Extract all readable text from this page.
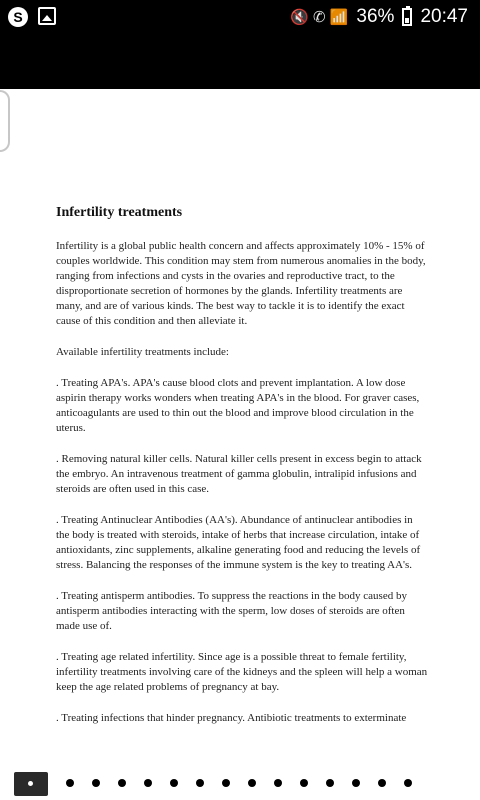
S	🔇 ✆ 📶 36% 20:47
Infertility treatments

Infertility is a global public health concern and affects approximately 10% - 15% of couples worldwide. This condition may stem from numerous anomalies in the body, ranging from infections and cysts in the ovaries and reproductive tract, to the disproportionate secretion of hormones by the glands. Infertility treatments are many, and are of various kinds. The best way to tackle it is to identify the exact cause of this condition and then alleviate it.

Available infertility treatments include:

. Treating APA's. APA's cause blood clots and prevent implantation. A low dose aspirin therapy works wonders when treating APA's in the blood. For graver cases, anticoagulants are used to thin out the blood and improve blood circulation in the uterus.

. Removing natural killer cells. Natural killer cells present in excess begin to attack the embryo. An intravenous treatment of gamma globulin, intralipid infusions and steroids are often used in this case.

. Treating Antinuclear Antibodies (AA's). Abundance of antinuclear antibodies in the body is treated with steroids, intake of herbs that increase circulation, intake of antioxidants, zinc supplements, alkaline generating food and reducing the levels of stress. Balancing the responses of the immune system is the key to treating AA's.

. Treating antisperm antibodies. To suppress the reactions in the body caused by antisperm antibodies interacting with the sperm, low doses of steroids are often made use of.

. Treating age related infertility. Since age is a possible threat to female fertility, infertility treatments involving care of the kidneys and the spleen will help a woman keep the age related problems of pregnancy at bay.

. Treating infections that hinder pregnancy. Antibiotic treatments to exterminate
